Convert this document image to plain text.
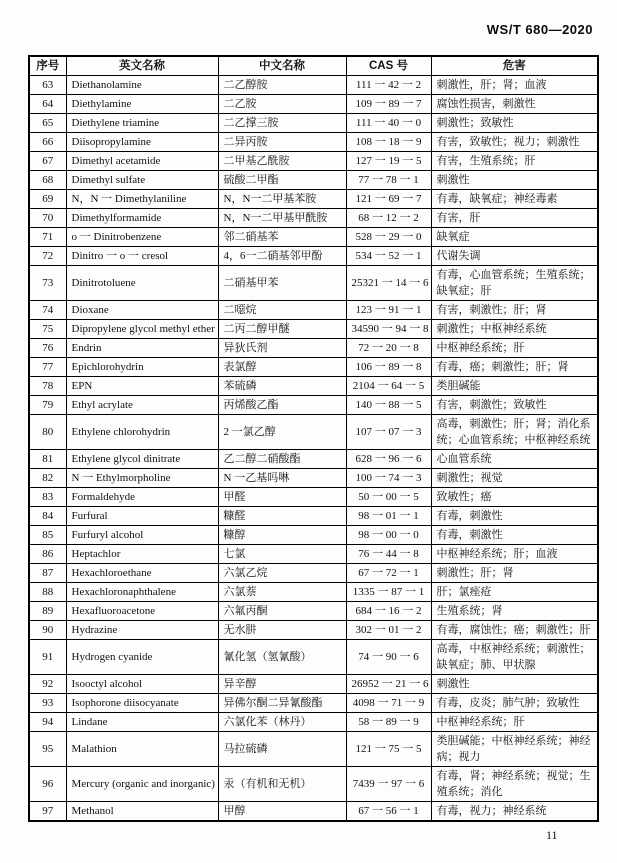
WS/T 680—2020
序号	英文名称	中文名称	CAS 号	危害
63	Diethanolamine	二乙醇胺	111 一 42 一 2	刺激性，肝；肾；血液
64	Diethylamine	二乙胺	109 一 89 一 7	腐蚀性损害，刺激性
65	Diethylene triamine	二乙撑三胺	111 一 40 一 0	刺激性；致敏性
66	Diisopropylamine	二异丙胺	108 一 18 一 9	有害，致敏性；视力；刺激性
67	Dimethyl acetamide	二甲基乙酰胺	127 一 19 一 5	有害，生殖系统；肝
68	Dimethyl sulfate	硫酸二甲酯	77 一 78 一 1	刺激性
69	N，N 一 Dimethylaniline	N，N一二甲基苯胺	121 一 69 一 7	有毒，缺氧症；神经毒素
70	Dimethylformamide	N，N一二甲基甲酰胺	68 一 12 一 2	有害，肝
71	o 一 Dinitrobenzene	邻二硝基苯	528 一 29 一 0	缺氧症
72	Dinitro 一 o 一 cresol	4，6一二硝基邻甲酚	534 一 52 一 1	代谢失调
73	Dinitrotoluene	二硝基甲苯	25321 一 14 一 6	有毒，心血管系统；生殖系统；缺氧症；肝
74	Dioxane	二噁烷	123 一 91 一 1	有害，刺激性；肝；肾
75	Dipropylene glycol methyl ether	二丙二醇甲醚	34590 一 94 一 8	刺激性；中枢神经系统
76	Endrin	异狄氏剂	72 一 20 一 8	中枢神经系统；肝
77	Epichlorohydrin	表氯醇	106 一 89 一 8	有毒，癌；刺激性；肝；肾
78	EPN	苯硫磷	2104 一 64 一 5	类胆碱能
79	Ethyl acrylate	丙烯酸乙酯	140 一 88 一 5	有害，刺激性；致敏性
80	Ethylene chlorohydrin	2 一氯乙醇	107 一 07 一 3	高毒，刺激性；肝；肾；消化系统；心血管系统；中枢神经系统
81	Ethylene glycol dinitrate	乙二醇二硝酸酯	628 一 96 一 6	心血管系统
82	N 一 Ethylmorpholine	N 一乙基吗啉	100 一 74 一 3	刺激性；视觉
83	Formaldehyde	甲醛	50 一 00 一 5	致敏性；癌
84	Furfural	糠醛	98 一 01 一 1	有毒，刺激性
85	Furfuryl alcohol	糠醇	98 一 00 一 0	有毒，刺激性
86	Heptachlor	七氯	76 一 44 一 8	中枢神经系统；肝；血液
87	Hexachloroethane	六氯乙烷	67 一 72 一 1	刺激性；肝；肾
88	Hexachloronaphthalene	六氯萘	1335 一 87 一 1	肝；氯痤疮
89	Hexafluoroacetone	六氟丙酮	684 一 16 一 2	生殖系统；肾
90	Hydrazine	无水肼	302 一 01 一 2	有毒，腐蚀性；癌；刺激性；肝
91	Hydrogen cyanide	氰化氢（氢氰酸）	74 一 90 一 6	高毒，中枢神经系统；刺激性；缺氧症；肺、甲状腺
92	Isooctyl alcohol	异辛醇	26952 一 21 一 6	刺激性
93	Isophorone diisocyanate	异佛尔酮二异氰酸酯	4098 一 71 一 9	有毒，皮炎；肺气肿；致敏性
94	Lindane	六氯化苯（林丹）	58 一 89 一 9	中枢神经系统；肝
95	Malathion	马拉硫磷	121 一 75 一 5	类胆碱能；中枢神经系统；神经病；视力
96	Mercury (organic and inorganic)	汞（有机和无机）	7439 一 97 一 6	有毒，肾；神经系统；视觉；生殖系统；消化
97	Methanol	甲醇	67 一 56 一 1	有毒，视力；神经系统
11
